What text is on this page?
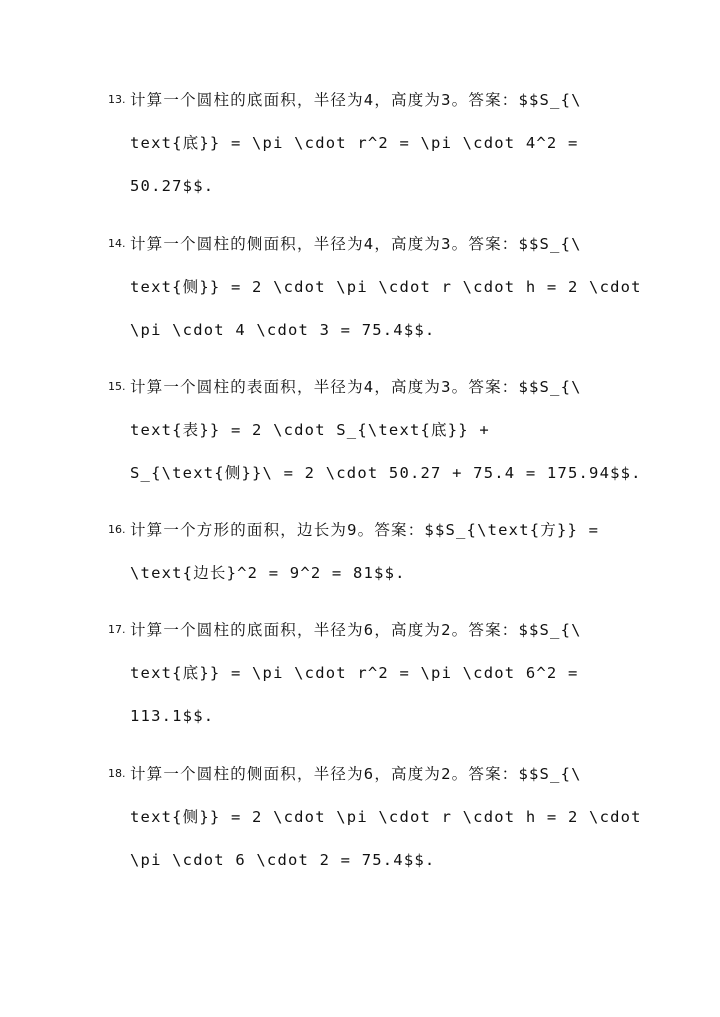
13. 计算一个圆柱的底面积，半径为4，高度为3。答案：$$S_{\
text{底}} = \pi \cdot r^2 = \pi \cdot 4^2 =
50.27$$.
14. 计算一个圆柱的侧面积，半径为4，高度为3。答案：$$S_{\
text{侧}} = 2 \cdot \pi \cdot r \cdot h = 2 \cdot
\pi \cdot 4 \cdot 3 = 75.4$$.
15. 计算一个圆柱的表面积，半径为4，高度为3。答案：$$S_{\
text{表}} = 2 \cdot S_{\text{底}} +
S_{\text{侧}}\ = 2 \cdot 50.27 + 75.4 = 175.94$$.
16. 计算一个方形的面积，边长为9。答案：$$S_{\text{方}} =
\text{边长}^2 = 9^2 = 81$$.
17. 计算一个圆柱的底面积，半径为6，高度为2。答案：$$S_{\
text{底}} = \pi \cdot r^2 = \pi \cdot 6^2 =
113.1$$.
18. 计算一个圆柱的侧面积，半径为6，高度为2。答案：$$S_{\
text{侧}} = 2 \cdot \pi \cdot r \cdot h = 2 \cdot
\pi \cdot 6 \cdot 2 = 75.4$$.
